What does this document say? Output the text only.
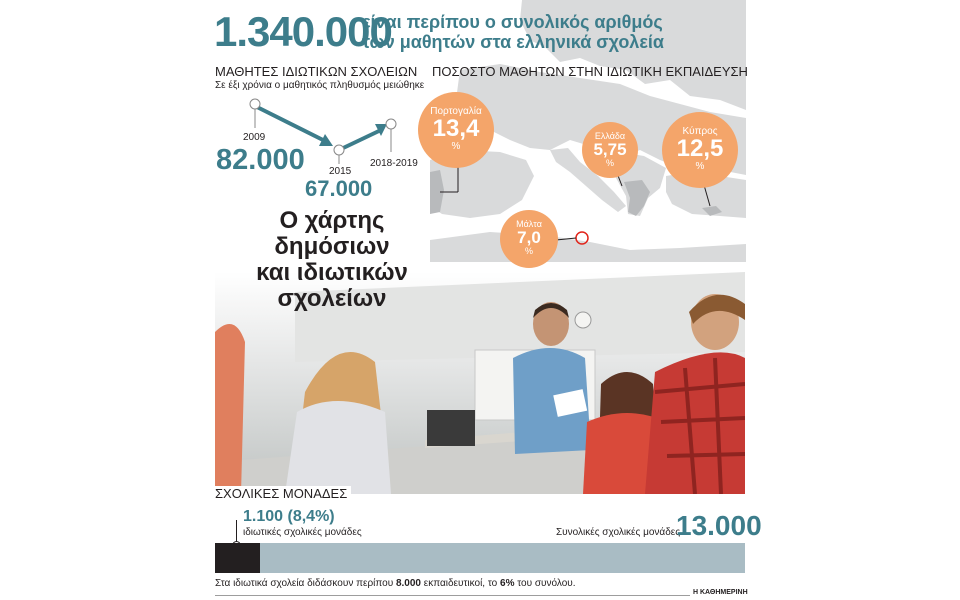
1.340.000
είναι περίπου ο συνολικός αριθμός
των μαθητών στα ελληνικά σχολεία
ΜΑΘΗΤΕΣ ΙΔΙΩΤΙΚΩΝ ΣΧΟΛΕΙΩΝ
Σε έξι χρόνια ο μαθητικός πληθυσμός μειώθηκε
2009
82.000 2015
67.000
2018-2019
ΠΟΣΟΣΤΟ ΜΑΘΗΤΩΝ ΣΤΗΝ ΙΔΙΩΤΙΚΗ ΕΚΠΑΙΔΕΥΣΗ
Πορτογαλία
13,4
%
Ελλάδα
5,75
%
Κύπρος
12,5
%
Μάλτα
7,0
%
Ο χάρτης
δημόσιων
και ιδιωτικών
σχολείων
ΣΧΟΛΙΚΕΣ ΜΟΝΑΔΕΣ
1.100 (8,4%)
ιδιωτικές σχολικές μονάδες	Συνολικές σχολικές μονάδες
13.000
Στα ιδιωτικά σχολεία διδάσκουν περίπου 8.000 εκπαιδευτικοί, το 6% του συνόλου.
Η ΚΑΘΗΜΕΡΙΝΗ
